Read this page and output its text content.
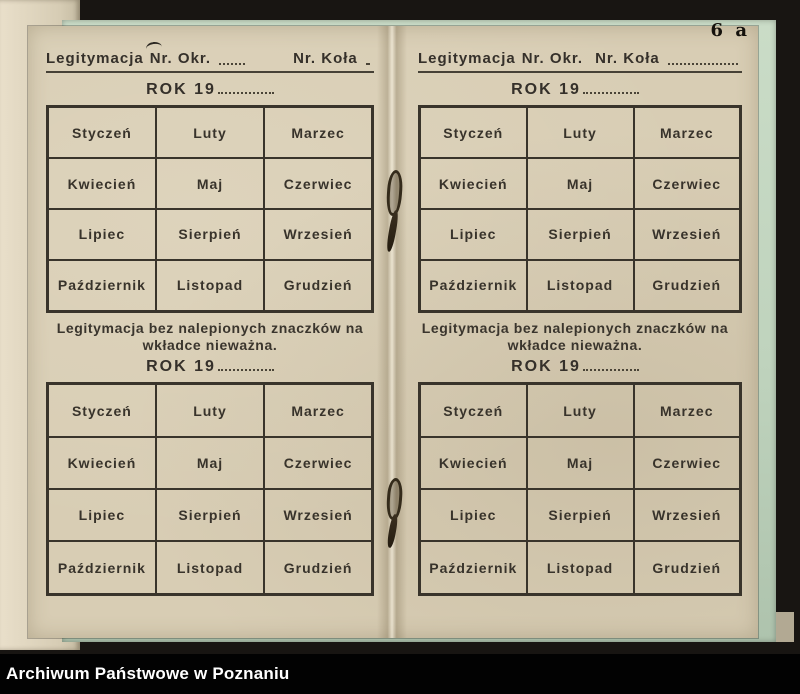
Legitymacja Nr. Okr.	Nr. Koła
ROK 19
Styczeń	Luty	Marzec
Kwiecień	Maj	Czerwiec
Lipiec	Sierpień	Wrzesień
Październik	Listopad	Grudzień
Legitymacja bez nalepionych znaczków na
wkładce nieważna.
ROK 19
Styczeń	Luty	Marzec
Kwiecień	Maj	Czerwiec
Lipiec	Sierpień	Wrzesień
Październik	Listopad	Grudzień
6 a
Legitymacja Nr. Okr. Nr. Koła
ROK 19
Styczeń	Luty	Marzec
Kwiecień	Maj	Czerwiec
Lipiec	Sierpień	Wrzesień
Październik	Listopad	Grudzień
Legitymacja bez nalepionych znaczków na
wkładce nieważna.
ROK 19
Styczeń	Luty	Marzec
Kwiecień	Maj	Czerwiec
Lipiec	Sierpień	Wrzesień
Październik	Listopad	Grudzień
Archiwum Państwowe w Poznaniu
